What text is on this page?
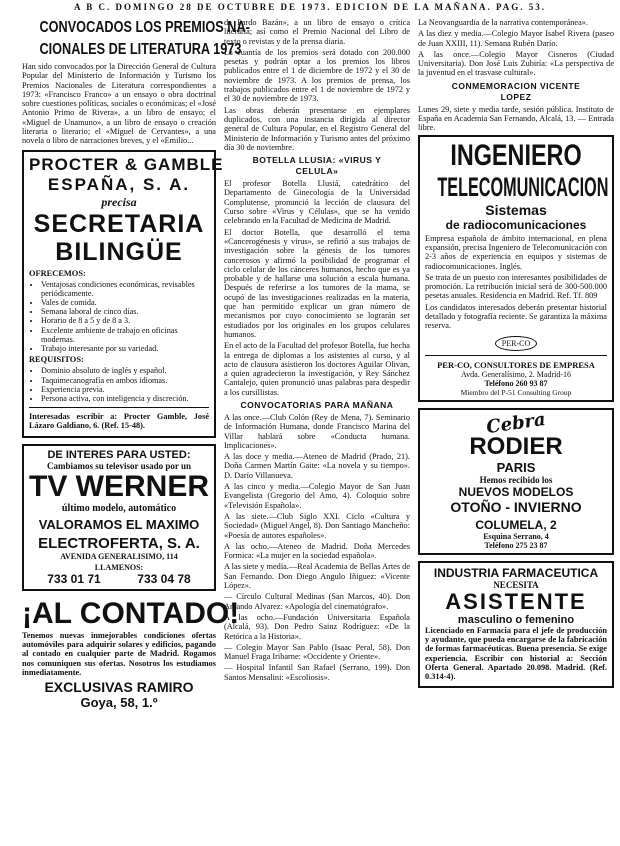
A B C. DOMINGO 28 DE OCTUBRE DE 1973. EDICION DE LA MAÑANA. PAG. 53.
CONVOCADOS LOS PREMIOS NA-
CIONALES DE LITERATURA 1973

Han sido convocados por la Dirección General de Cultura Popular del Ministerio de Información y Turismo los Premios Nacionales de Literatura correspondientes a 1973: «Francisco Franco» a un ensayo o obra doctrinal sobre cuestiones políticas, sociales o económicas; el «José Antonio Primo de Rivera», a un libro de ensayo; el «Miguel de Unamuno», a un libro de ensayo o creación literaria o literario; el «Miguel de Cervantes», a una novela o libro de narraciones breves, y el «Emilio...

PROCTER & GAMBLE
ESPAÑA, S. A.
precisa
SECRETARIA
BILINGÜE
OFRECEMOS:
• Ventajosas condiciones económicas, revisables periódicamente.
• Vales de comida.
• Semana laboral de cinco días.
• Horario de 8 a 5 y de 8 a 3.
• Excelente ambiente de trabajo en oficinas modernas.
• Trabajo interesante por su variedad.
REQUISITOS:
• Dominio absoluto de inglés y español.
• Taquimecanografía en ambos idiomas.
• Experiencia previa.
• Persona activa, con inteligencia y discreción.

Interesadas escribir a: Procter Gamble, José Lázaro Galdiano, 6. (Ref. 15-48).

DE INTERES PARA USTED:
Cambiamos su televisor usado por un
TV WERNER
último modelo, automático
VALORAMOS EL MAXIMO
ELECTROFERTA, S. A.
AVENIDA GENERALISIMO, 114
LLAMENOS:
733 01 71	733 04 78
¡AL CONTADO!

Tenemos nuevas inmejorables condiciones ofertas automóviles para adquirir solares y edificios, pagando al contado en cualquier parte de Madrid. Rogamos nos comuniquen sus ofertas. Nosotros los estudiamos inmediatamente.

EXCLUSIVAS RAMIRO
Goya, 58, 1.º

de Pardo Bazán», a un libro de ensayo o crítica literaria; así como el Premio Nacional del Libro de texto o revistas y de la prensa diaria.

La cuantía de los premios será dotado con 200.000 pesetas y podrán optar a los premios los libros publicados entre el 1 de diciembre de 1972 y el 30 de noviembre de 1973. A los premios de prensa, los trabajos publicados entre el 1 de noviembre de 1972 y el 30 de noviembre de 1973.

Las obras deberán presentarse en ejemplares duplicados, con una instancia dirigida al director general de Cultura Popular, en el Registro General del Ministerio de Información y Turismo antes del próximo día 30 de noviembre.

BOTELLA LLUSIA: «VIRUS Y
CELULA»

El profesor Botella Llusiá, catedrático del Departamento de Ginecología de la Universidad Complutense, pronunció la lección de clausura del Curso sobre «Virus y Células», que se ha venido celebrando en la Facultad de Medicina de Madrid.

El doctor Botella, que desarrolló el tema «Cancerogénesis y virus», se refirió a sus trabajos de investigación sobre la génesis de los tumores cancerosos y afirmó la posibilidad de programar el ciclo celular de los cánceres humanos, hecho que es ya probable y de hallarse una solución a escala humana. Después de referirse a los tumores de la mama, se ocupó de las investigaciones realizadas en la materia, que han permitido explicar un gran número de mecanismos por cuyo conocimiento se lograrán ser estudiados por los originales en los grupos celulares humanos.

En el acto de la Facultad del profesor Botella, fue hecha la entrega de diplomas a los asistentes al curso, y al acto de clausura asistieron los doctores Aguilar Olivan, a quien agradecieron la investigación, y Rey Sánchez Cantalejo, quien pronunció unas palabras para despedir a los cursillistas.

CONVOCATORIAS PARA MAÑANA

A las once.—Club Colón (Rey de Mena, 7). Seminario de Información Humana, donde Francisco Marina del Villar hablará sobre «Conducta humana. Implicaciones».

A las doce y media.—Ateneo de Madrid (Prado, 21). Doña Carmen Martín Gaite: «La novela y su tiempo». D. Darío Villanueva.

A las cinco y media.—Colegio Mayor de San Juan Evangelista (Gregorio del Amo, 4). Coloquio sobre «Televisión Española».

A las siete.—Club Siglo XXI. Ciclo «Cultura y Sociedad» (Miguel Angel, 8). Don Santiago Mancheño: «Poesía de autores españoles».

A las ocho.—Ateneo de Madrid. Doña Mercedes Formica: «La mujer en la sociedad española».

A las siete y media.—Real Academia de Bellas Artes de San Fernando. Don Diego Angulo Iñiguez: «Vicente López».

— Círculo Cultural Medinas (San Marcos, 40). Don Amando Alvarez: «Apología del cinematógrafo».

A las ocho.—Fundación Universitaria Española (Alcalá, 93). Don Pedro Sainz Rodríguez: «De la Retórica a la Historia».

— Colegio Mayor San Pablo (Isaac Peral, 58). Don Manuel Fraga Iribarne: «Occidente y Oriente».

— Hospital Infantil San Rafael (Serrano, 199). Don Santos Mensalini: «Escoliosis».

La Neovanguardia de la narrativa contemporánea».

A las diez y media.—Colegio Mayor Isabel Rivera (paseo de Juan XXIII, 11). Semana Rubén Darío.

A las once.—Colegio Mayor Cisneros (Ciudad Universitaria). Don José Luis Zubiría: «La perspectiva de la juventud en el trasvase cultural».

CONMEMORACION VICENTE
LOPEZ

Lunes 29, siete y media tarde, sesión pública. Instituto de España en Academia San Fernando, Alcalá, 13. — Entrada libre.

INGENIERO
TELECOMUNICACION
Sistemas
de radiocomunicaciones

Empresa española de ámbito internacional, en plena expansión, precisa Ingeniero de Telecomunicación con 2-3 años de experiencia en equipos y sistemas de radiocomunicaciones. Inglés.

Se trata de un puesto con interesantes posibilidades de promoción. La retribución inicial será de 300-500.000 pesetas anuales. Residencia en Madrid. Ref. Tf. 809

Los candidatos interesados deberán presentar historial detallado y fotografía reciente. Se garantiza la máxima reserva.

PER-CO
PER-CO, CONSULTORES DE EMPRESA
Avda. Generalísimo, 2. Madrid-16
Teléfono 260 93 87
Miembro del P-51 Consulting Group
Cebra
RODIER
PARIS
Hemos recibido los
NUEVOS MODELOS
OTOÑO - INVIERNO
COLUMELA, 2
Esquina Serrano, 4
Teléfono 275 23 87
INDUSTRIA FARMACEUTICA
NECESITA
ASISTENTE
masculino o femenino

Licenciado en Farmacia para el jefe de producción y ayudante, que pueda encargarse de la fabricación de formas farmacéuticas. Buena presencia. Se exige experiencia. Escribir con historial a: Sección Oferta General. Apartado 20.098. Madrid. (Ref. 0.314-4).
